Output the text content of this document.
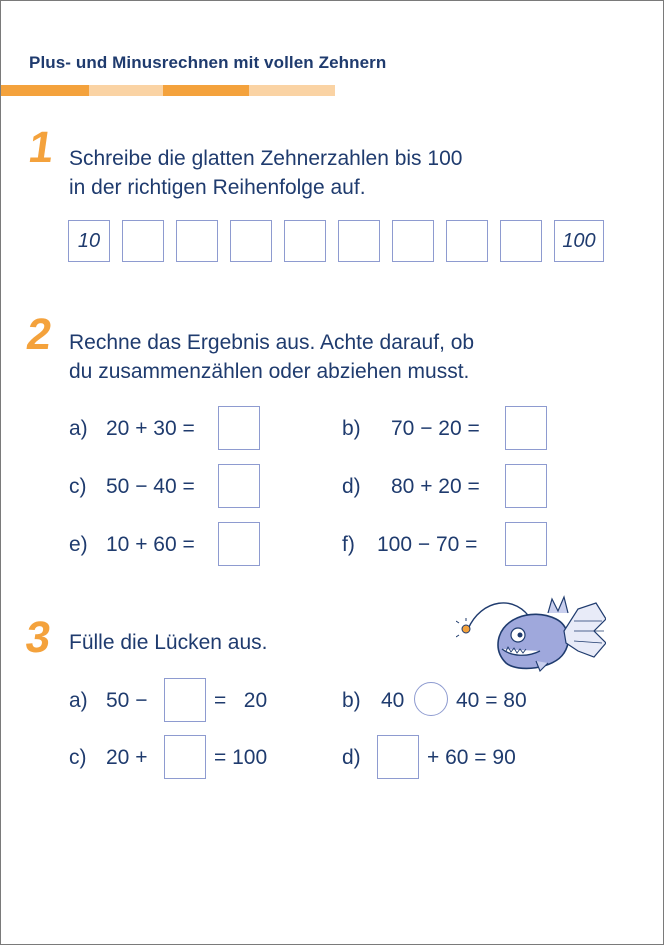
Plus- und Minusrechnen mit vollen Zehnern
1 Schreibe die glatten Zehnerzahlen bis 100
in der richtigen Reihenfolge auf.
10	100
2 Rechne das Ergebnis aus. Achte darauf, ob
du zusammenzählen oder abziehen musst.
a) 20 + 30 =	b) 70 − 20 =
c) 50 − 40 =	d) 80 + 20 =
e) 10 + 60 =	f) 100 − 70 =
3 Fülle die Lücken aus.
a) 50 −	=   20	b) 40 40 = 80
c) 20 +	= 100	d)	+ 60 = 90
